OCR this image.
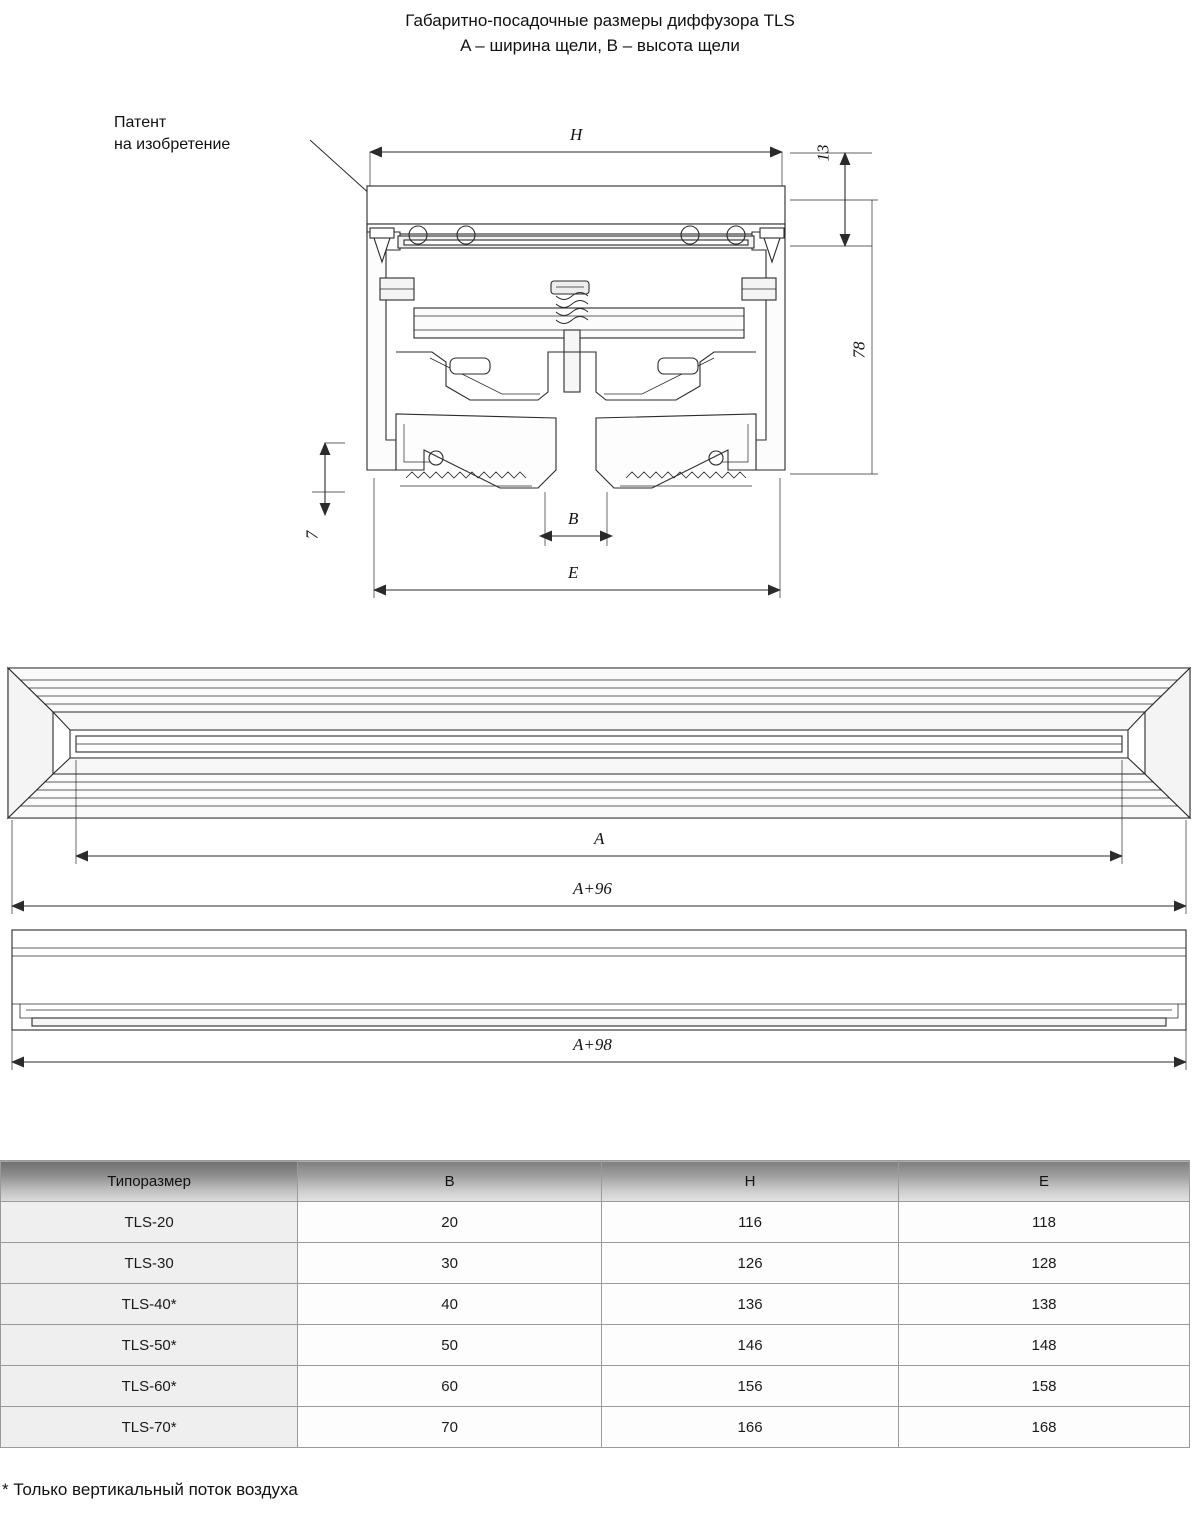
Габаритно-посадочные размеры диффузора TLS
A – ширина щели, B – высота щели
Патент
на изобретение
H
13
78
7
B
E
A
A+96
A+98
Типоразмер	B	H	E
TLS-20	20	116	118
TLS-30	30	126	128
TLS-40*	40	136	138
TLS-50*	50	146	148
TLS-60*	60	156	158
TLS-70*	70	166	168
* Только вертикальный поток воздуха
